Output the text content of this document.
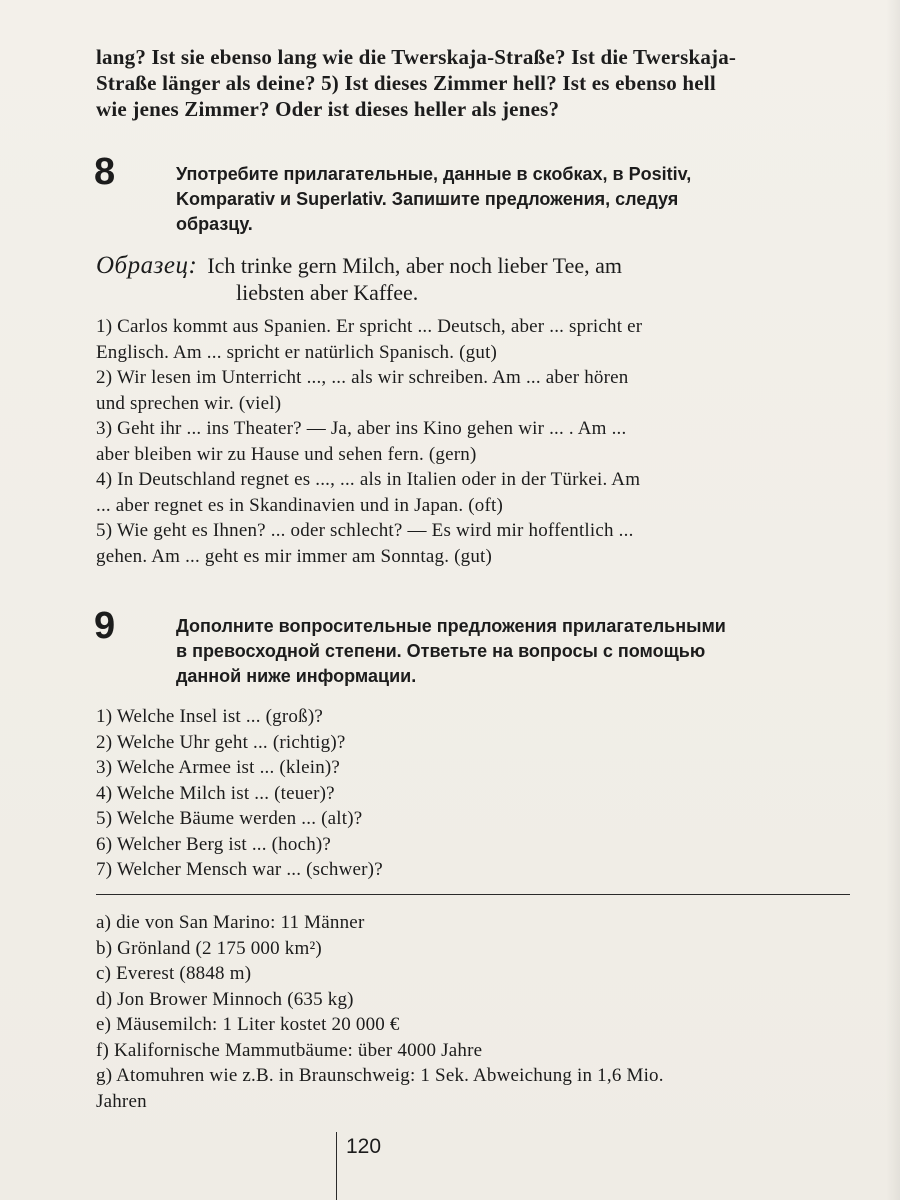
lang? Ist sie ebenso lang wie die Twerskaja-Straße? Ist die Twerskaja-

Straße länger als deine? 5) Ist dieses Zimmer hell? Ist es ebenso hell

wie jenes Zimmer? Oder ist dieses heller als jenes?

8	Употребите прилагательные, данные в скобках, в Positiv,
Komparativ и Superlativ. Запишите предложения, следуя
образцу.
Образец: Ich trinke gern Milch, aber noch lieber Tee, am
liebsten aber Kaffee.

1) Carlos kommt aus Spanien. Er spricht ... Deutsch, aber ... spricht er

Englisch. Am ... spricht er natürlich Spanisch. (gut)

2) Wir lesen im Unterricht ..., ... als wir schreiben. Am ... aber hören

und sprechen wir. (viel)

3) Geht ihr ... ins Theater? — Ja, aber ins Kino gehen wir ... . Am ...

aber bleiben wir zu Hause und sehen fern. (gern)

4) In Deutschland regnet es ..., ... als in Italien oder in der Türkei. Am

... aber regnet es in Skandinavien und in Japan. (oft)

5) Wie geht es Ihnen? ... oder schlecht? — Es wird mir hoffentlich ...

gehen. Am ... geht es mir immer am Sonntag. (gut)

9	Дополните вопросительные предложения прилагательными
в превосходной степени. Ответьте на вопросы с помощью
данной ниже информации.

1) Welche Insel ist ... (groß)?

2) Welche Uhr geht ... (richtig)?

3) Welche Armee ist ... (klein)?

4) Welche Milch ist ... (teuer)?

5) Welche Bäume werden ... (alt)?

6) Welcher Berg ist ... (hoch)?

7) Welcher Mensch war ... (schwer)?

a) die von San Marino: 11 Männer

b) Grönland (2 175 000 km²)

c) Everest (8848 m)

d) Jon Brower Minnoch (635 kg)

e) Mäusemilch: 1 Liter kostet 20 000 €

f) Kalifornische Mammutbäume: über 4000 Jahre

g) Atomuhren wie z.B. in Braunschweig: 1 Sek. Abweichung in 1,6 Mio.

Jahren

120
